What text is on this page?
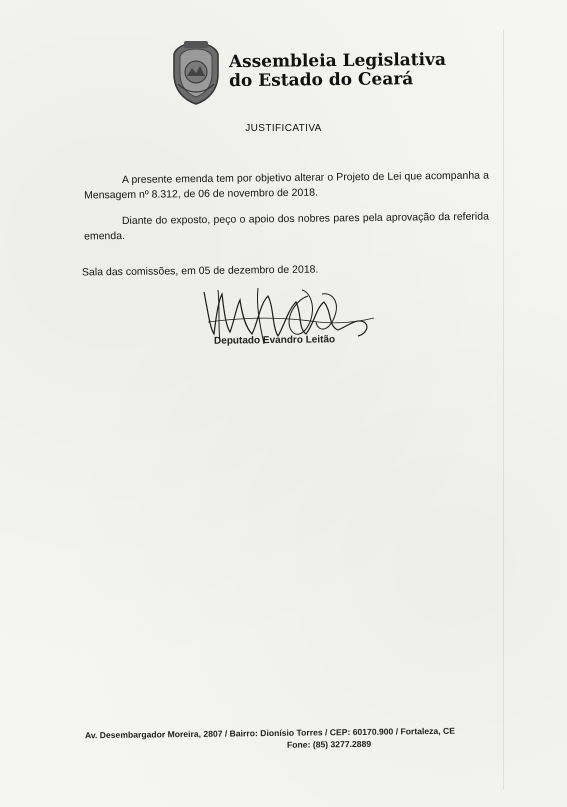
Assembleia Legislativa
do Estado do Ceará
JUSTIFICATIVA
A presente emenda tem por objetivo alterar o Projeto de Lei que acompanha a Mensagem nº 8.312, de 06 de novembro de 2018.
Diante do exposto, peço o apoio dos nobres pares pela aprovação da referida emenda.
Sala das comissões, em 05 de dezembro de 2018.
Deputado Evandro Leitão
Av. Desembargador Moreira, 2807 / Bairro: Dionísio Torres / CEP: 60170.900 / Fortaleza, CE
Fone: (85) 3277.2889
